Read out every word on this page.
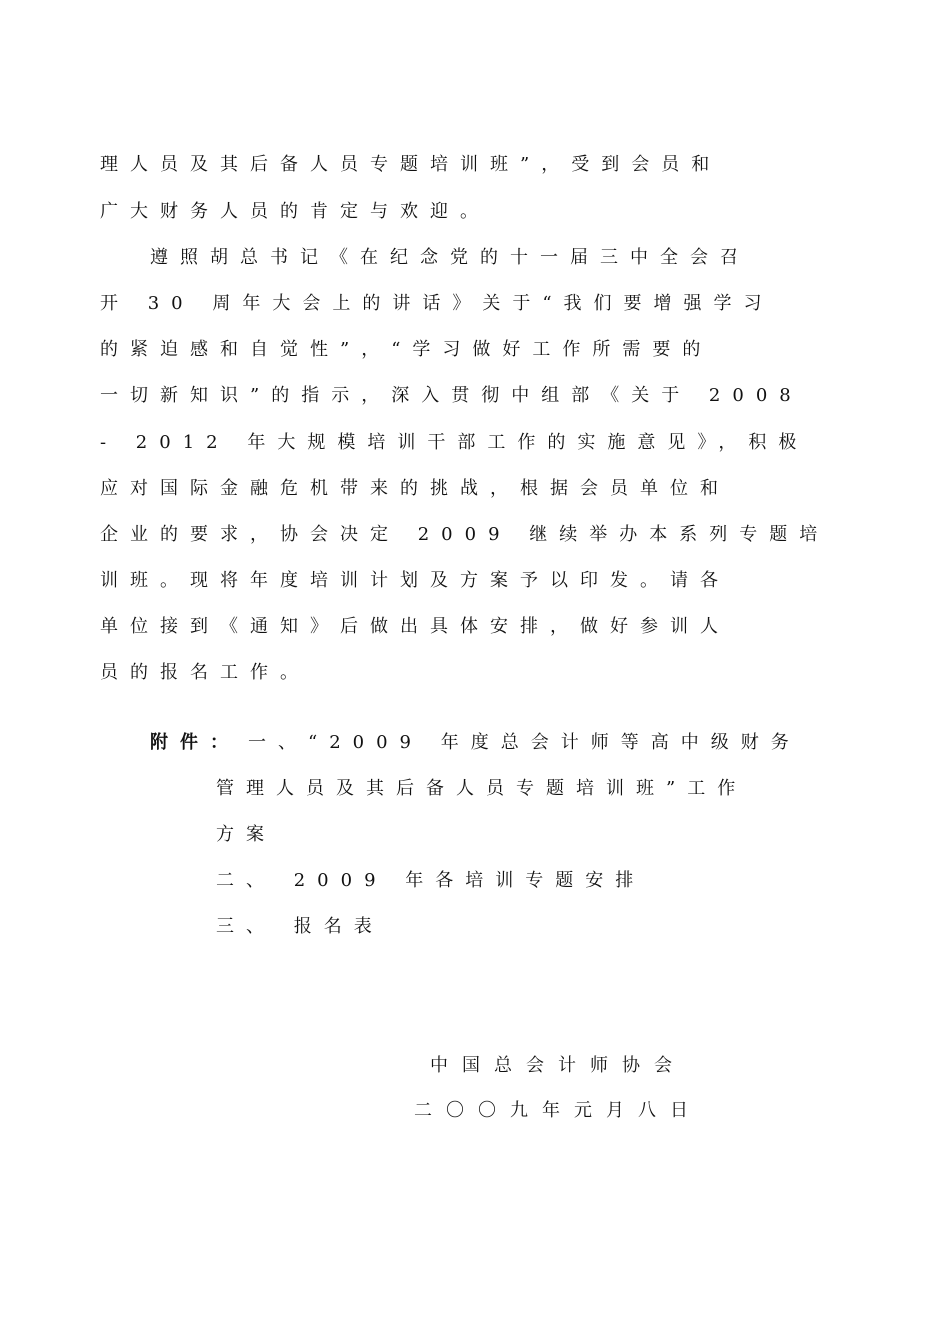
理人员及其后备人员专题培训班”，受到会员和
广大财务人员的肯定与欢迎。
遵照胡总书记《在纪念党的十一届三中全会召
开 30 周年大会上的讲话》关于“我们要增强学习
的紧迫感和自觉性”，“学习做好工作所需要的
一切新知识”的指示，深入贯彻中组部《关于 2008
- 2012 年大规模培训干部工作的实施意见》，积极
应对国际金融危机带来的挑战，根据会员单位和
企业的要求，协会决定 2009 继续举办本系列专题培
训班。现将年度培训计划及方案予以印发。请各
单位接到《通知》后做出具体安排，做好参训人
员的报名工作。
附件： 一、“2009 年度总会计师等高中级财务
管理人员及其后备人员专题培训班”工作
方案
二、 2009 年各培训专题安排
三、 报名表
中国总会计师协会
二〇〇九年元月八日
